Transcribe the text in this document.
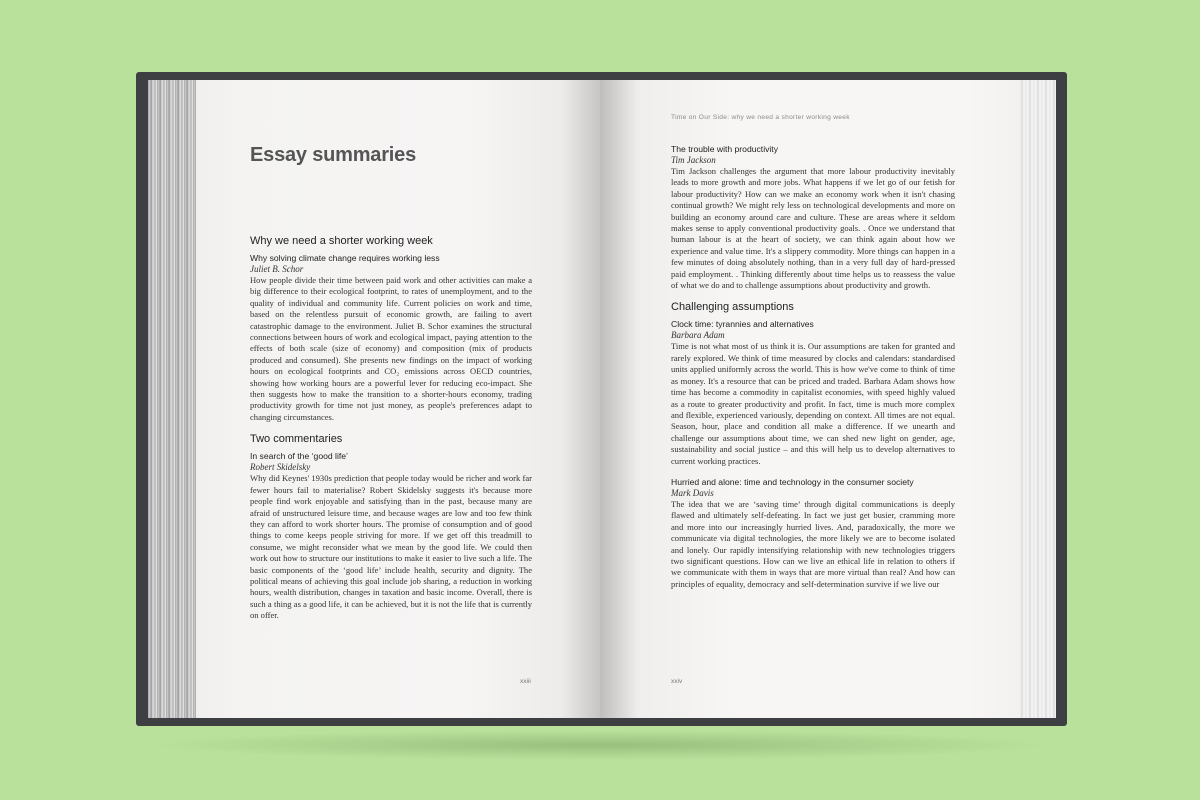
Essay summaries
Why we need a shorter working week
Why solving climate change requires working less
Juliet B. Schor

How people divide their time between paid work and other activities can make a big difference to their ecological footprint, to rates of unemployment, and to the quality of individual and community life. Current policies on work and time, based on the relentless pursuit of economic growth, are failing to avert catastrophic damage to the environment. Juliet B. Schor examines the structural connections between hours of work and ecological impact, paying attention to the effects of both scale (size of economy) and composition (mix of products produced and consumed). She presents new findings on the impact of working hours on ecological footprints and CO₂ emissions across OECD countries, showing how working hours are a powerful lever for reducing eco-impact. She then suggests how to make the transition to a shorter-hours economy, trading productivity growth for time not just money, as people's preferences adapt to changing circumstances.

Two commentaries
In search of the ‘good life’
Robert Skidelsky

Why did Keynes' 1930s prediction that people today would be richer and work far fewer hours fail to materialise? Robert Skidelsky suggests it's because more people find work enjoyable and satisfying than in the past, because many are afraid of unstructured leisure time, and because wages are low and too few think they can afford to work shorter hours. The promise of consumption and of good things to come keeps people striving for more. If we get off this treadmill to consume, we might reconsider what we mean by the good life. We could then work out how to structure our institutions to make it easier to live such a life. The basic components of the ‘good life’ include health, security and dignity. The political means of achieving this goal include job sharing, a reduction in working hours, wealth distribution, changes in taxation and basic income. Overall, there is such a thing as a good life, it can be achieved, but it is not the life that is currently on offer.

xxiii
Time on Our Side: why we need a shorter working week
The trouble with productivity
Tim Jackson

Tim Jackson challenges the argument that more labour productivity inevitably leads to more growth and more jobs. What happens if we let go of our fetish for labour productivity? How can we make an economy work when it isn't chasing continual growth? We might rely less on technological developments and more on building an economy around care and culture. These are areas where it seldom makes sense to apply conventional productivity goals. . Once we understand that human labour is at the heart of society, we can think again about how we experience and value time. It's a slippery commodity. More things can happen in a few minutes of doing absolutely nothing, than in a very full day of hard-pressed paid employment. . Thinking differently about time helps us to reassess the value of what we do and to challenge assumptions about productivity and growth.

Challenging assumptions
Clock time: tyrannies and alternatives
Barbara Adam

Time is not what most of us think it is. Our assumptions are taken for granted and rarely explored. We think of time measured by clocks and calendars: standardised units applied uniformly across the world. This is how we've come to think of time as money. It's a resource that can be priced and traded. Barbara Adam shows how time has become a commodity in capitalist economies, with speed highly valued as a route to greater productivity and profit. In fact, time is much more complex and flexible, experienced variously, depending on context. All times are not equal. Season, hour, place and condition all make a difference. If we unearth and challenge our assumptions about time, we can shed new light on gender, age, sustainability and social justice – and this will help us to develop alternatives to current working practices.

Hurried and alone: time and technology in the consumer society
Mark Davis

The idea that we are ‘saving time’ through digital communications is deeply flawed and ultimately self-defeating. In fact we just get busier, cramming more and more into our increasingly hurried lives. And, paradoxically, the more we communicate via digital technologies, the more likely we are to become isolated and lonely. Our rapidly intensifying relationship with new technologies triggers two significant questions. How can we live an ethical life in relation to others if we communicate with them in ways that are more virtual than real? And how can principles of equality, democracy and self-determination survive if we live our

xxiv
